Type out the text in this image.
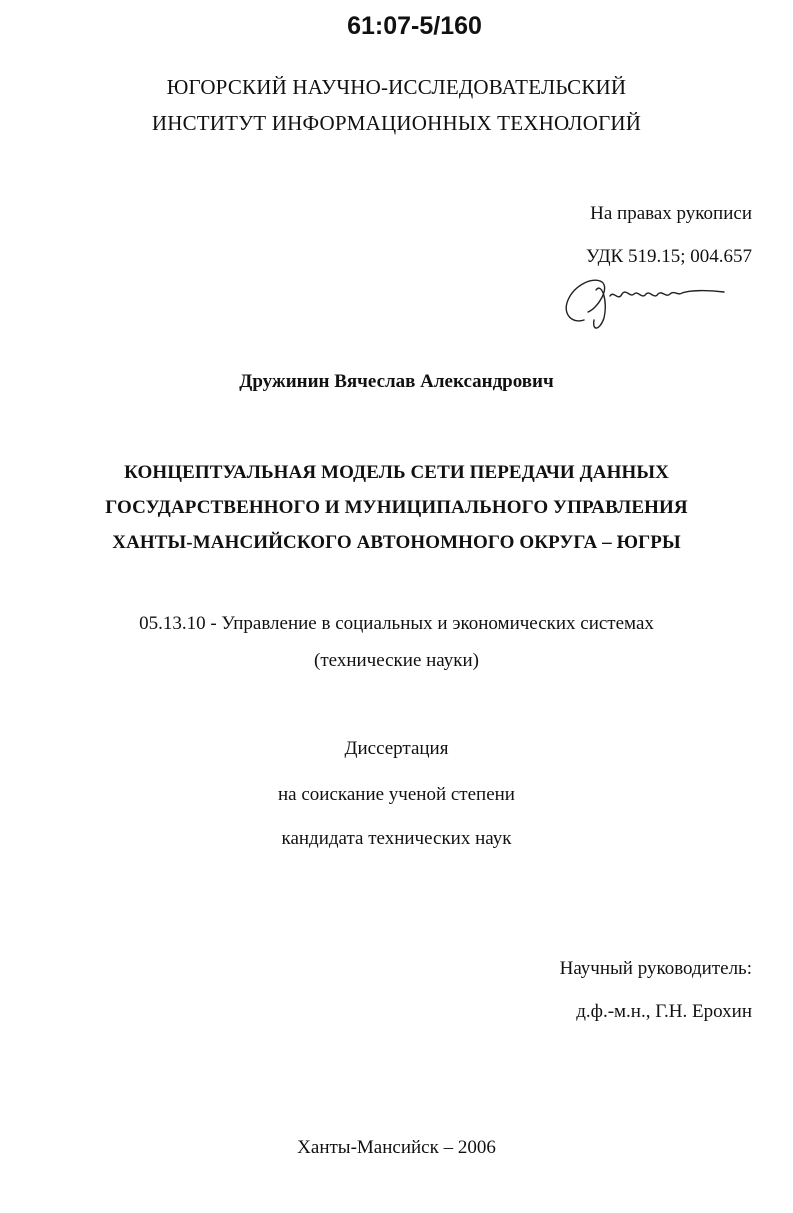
61:07-5/160
ЮГОРСКИЙ НАУЧНО-ИССЛЕДОВАТЕЛЬСКИЙ
ИНСТИТУТ ИНФОРМАЦИОННЫХ ТЕХНОЛОГИЙ
На правах рукописи
УДК 519.15; 004.657
Дружинин Вячеслав Александрович
КОНЦЕПТУАЛЬНАЯ МОДЕЛЬ СЕТИ ПЕРЕДАЧИ ДАННЫХ
ГОСУДАРСТВЕННОГО И МУНИЦИПАЛЬНОГО УПРАВЛЕНИЯ
ХАНТЫ-МАНСИЙСКОГО АВТОНОМНОГО ОКРУГА – ЮГРЫ
05.13.10 - Управление в социальных и экономических системах
(технические науки)
Диссертация
на соискание ученой степени
кандидата технических наук
Научный руководитель:
д.ф.-м.н., Г.Н. Ерохин
Ханты-Мансийск – 2006
